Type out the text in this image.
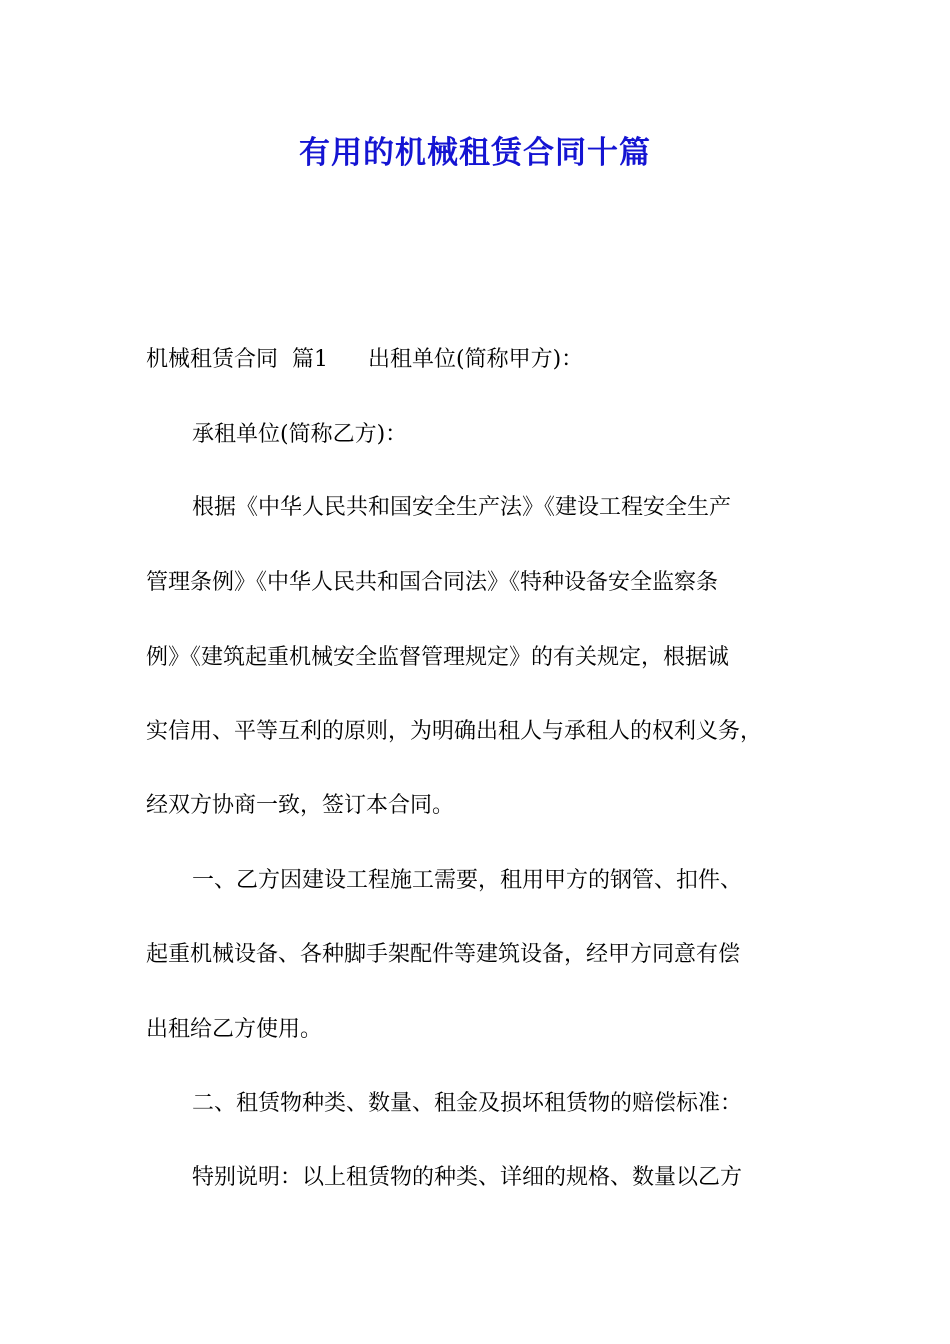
有用的机械租赁合同十篇
机械租赁合同  篇1 出租单位(简称甲方)：
承租单位(简称乙方)：
根据《中华人民共和国安全生产法》《建设工程安全生产
管理条例》《中华人民共和国合同法》《特种设备安全监察条
例》《建筑起重机械安全监督管理规定》的有关规定，根据诚
实信用、平等互利的原则，为明确出租人与承租人的权利义务，
经双方协商一致，签订本合同。
一、乙方因建设工程施工需要，租用甲方的钢管、扣件、
起重机械设备、各种脚手架配件等建筑设备，经甲方同意有偿
出租给乙方使用。
二、租赁物种类、数量、租金及损坏租赁物的赔偿标准：
特别说明：以上租赁物的种类、详细的规格、数量以乙方
